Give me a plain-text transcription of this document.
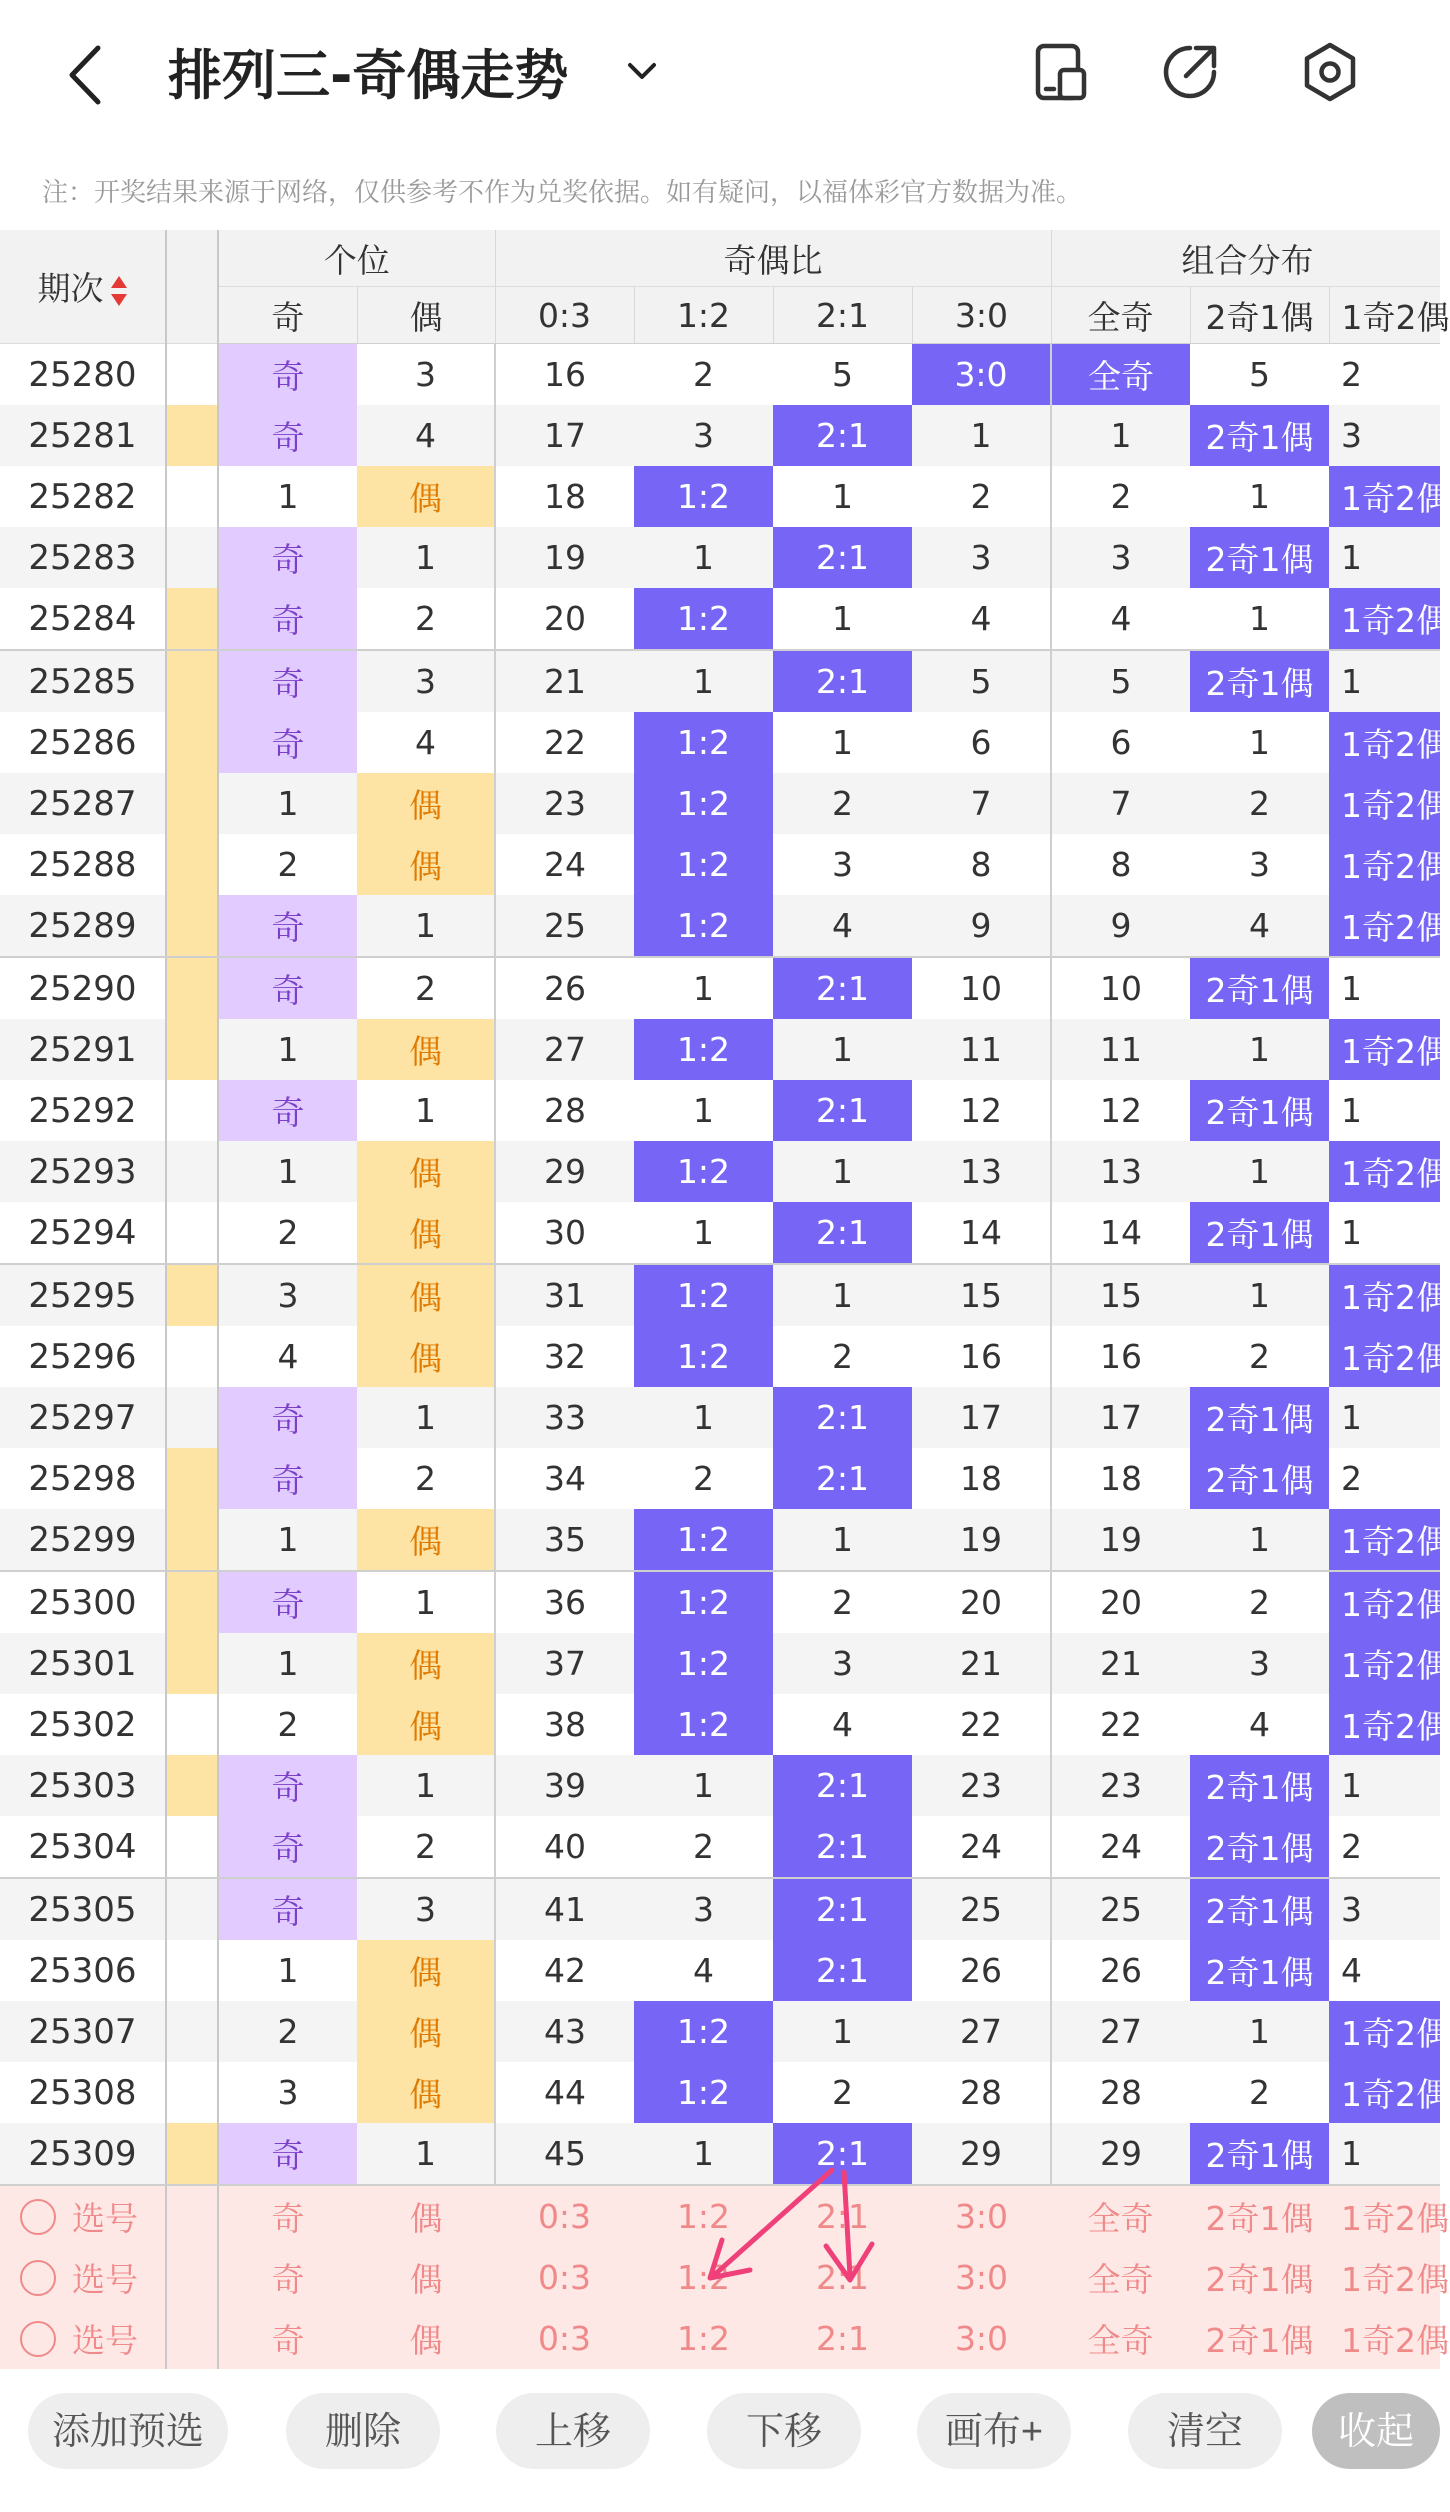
排列三-奇偶走势
注：开奖结果来源于网络，仅供参考不作为兑奖依据。如有疑问，以福体彩官方数据为准。
期次		个位		奇偶比				组合分布		
		奇	偶	0:3	1:2	2:1	3:0	全奇	2奇1偶	1奇2偶
25280		奇	3	16	2	5	3:0	全奇	5	2
25281		奇	4	17	3	2:1	1	1	2奇1偶	3
25282		1	偶	18	1:2	1	2	2	1	1奇2偶
25283		奇	1	19	1	2:1	3	3	2奇1偶	1
25284		奇	2	20	1:2	1	4	4	1	1奇2偶
25285		奇	3	21	1	2:1	5	5	2奇1偶	1
25286		奇	4	22	1:2	1	6	6	1	1奇2偶
25287		1	偶	23	1:2	2	7	7	2	1奇2偶
25288		2	偶	24	1:2	3	8	8	3	1奇2偶
25289		奇	1	25	1:2	4	9	9	4	1奇2偶
25290		奇	2	26	1	2:1	10	10	2奇1偶	1
25291		1	偶	27	1:2	1	11	11	1	1奇2偶
25292		奇	1	28	1	2:1	12	12	2奇1偶	1
25293		1	偶	29	1:2	1	13	13	1	1奇2偶
25294		2	偶	30	1	2:1	14	14	2奇1偶	1
25295		3	偶	31	1:2	1	15	15	1	1奇2偶
25296		4	偶	32	1:2	2	16	16	2	1奇2偶
25297		奇	1	33	1	2:1	17	17	2奇1偶	1
25298		奇	2	34	2	2:1	18	18	2奇1偶	2
25299		1	偶	35	1:2	1	19	19	1	1奇2偶
25300		奇	1	36	1:2	2	20	20	2	1奇2偶
25301		1	偶	37	1:2	3	21	21	3	1奇2偶
25302		2	偶	38	1:2	4	22	22	4	1奇2偶
25303		奇	1	39	1	2:1	23	23	2奇1偶	1
25304		奇	2	40	2	2:1	24	24	2奇1偶	2
25305		奇	3	41	3	2:1	25	25	2奇1偶	3
25306		1	偶	42	4	2:1	26	26	2奇1偶	4
25307		2	偶	43	1:2	1	27	27	1	1奇2偶
25308		3	偶	44	1:2	2	28	28	2	1奇2偶
25309		奇	1	45	1	2:1	29	29	2奇1偶	1
选号		奇	偶	0:3	1:2	2:1	3:0	全奇	2奇1偶	1奇2偶
选号		奇	偶	0:3	1:2	2:1	3:0	全奇	2奇1偶	1奇2偶
选号		奇	偶	0:3	1:2	2:1	3:0	全奇	2奇1偶	1奇2偶
添加预选	删除	上移	下移	画布+	清空	收起
